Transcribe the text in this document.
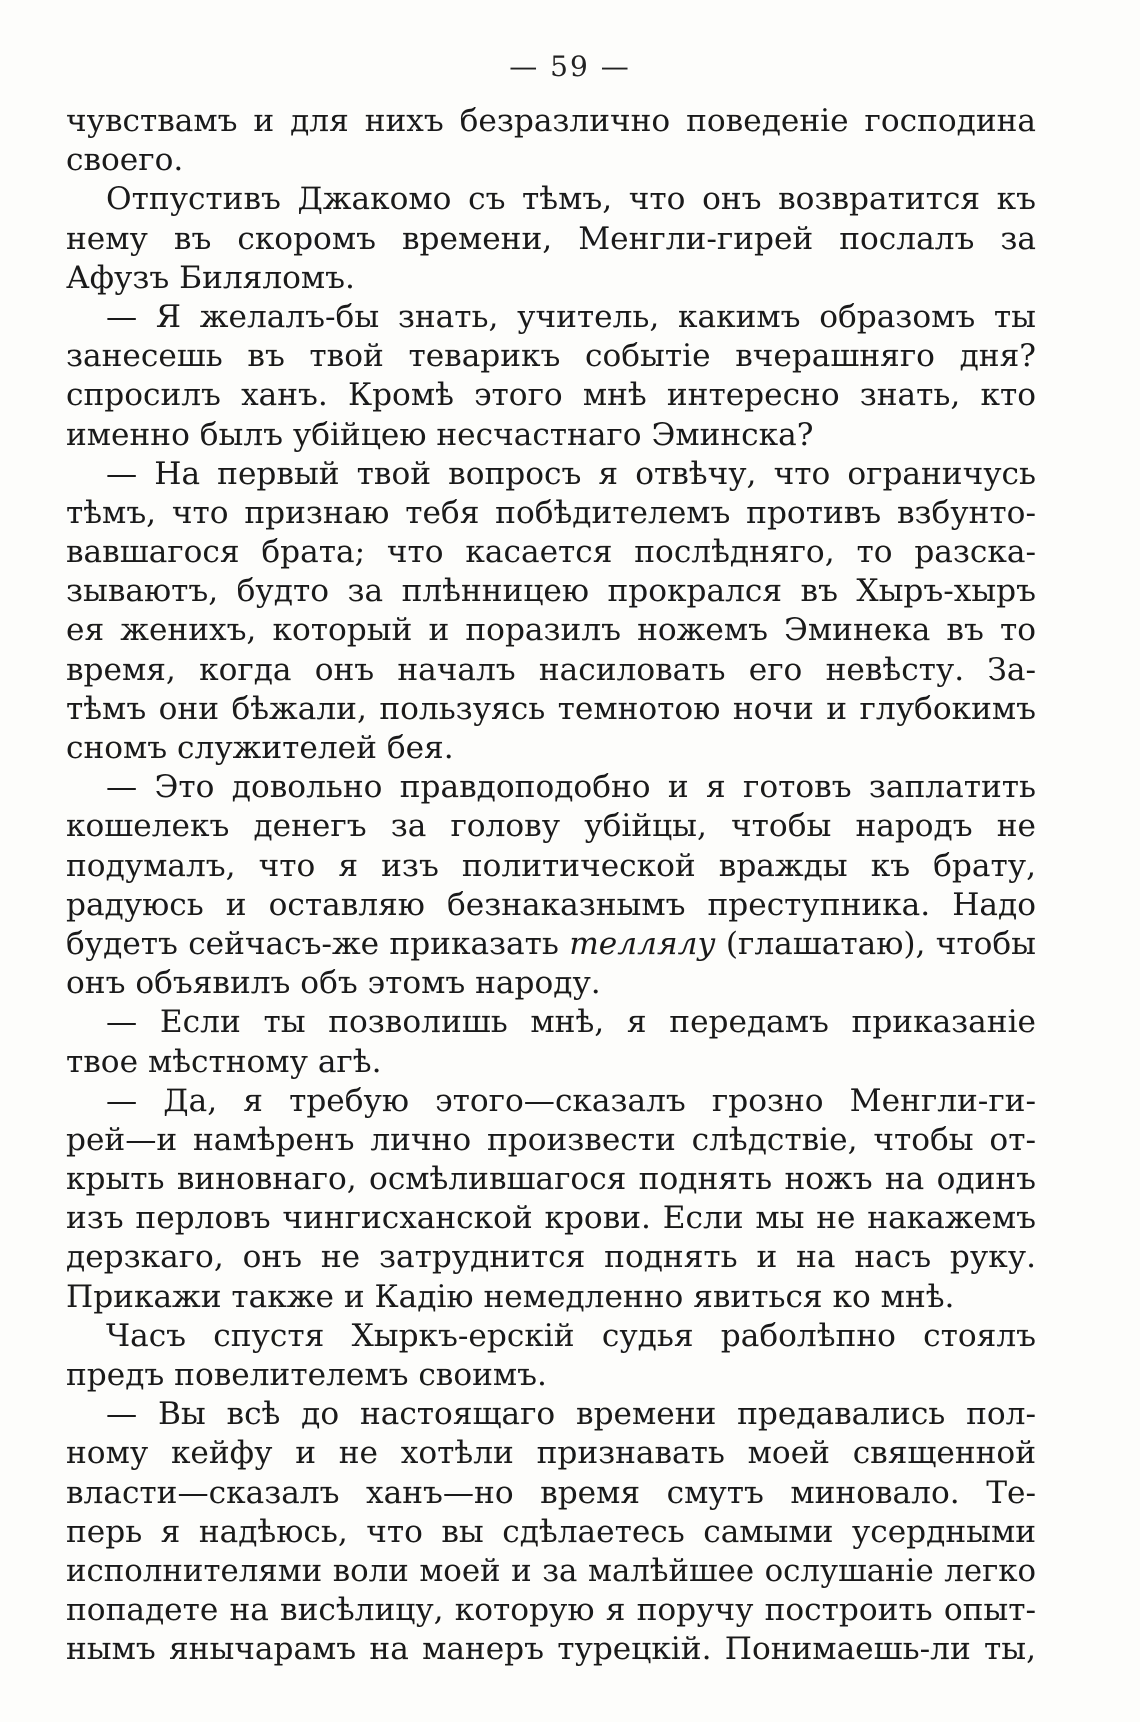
— 59 —
чувствамъ и для нихъ безразлично поведеніе господина
своего.
Отпустивъ Джакомо съ тѣмъ, что онъ возвратится къ
нему въ скоромъ времени, Менгли-гирей послалъ за
Афузъ Биляломъ.
— Я желалъ-бы знать, учитель, какимъ образомъ ты
занесешь въ твой теварикъ событіе вчерашняго дня?
спросилъ ханъ. Кромѣ этого мнѣ интересно знать, кто
именно былъ убійцею несчастнаго Эминска?
— На первый твой вопросъ я отвѣчу, что ограничусь
тѣмъ, что признаю тебя побѣдителемъ противъ взбунто-
вавшагося брата; что касается послѣдняго, то разска-
зываютъ, будто за плѣнницею прокрался въ Хыръ-хыръ
ея женихъ, который и поразилъ ножемъ Эминека въ то
время, когда онъ началъ насиловать его невѣсту. За-
тѣмъ они бѣжали, пользуясь темнотою ночи и глубокимъ
сномъ служителей бея.
— Это довольно правдоподобно и я готовъ заплатить
кошелекъ денегъ за голову убійцы, чтобы народъ не
подумалъ, что я изъ политической вражды къ брату,
радуюсь и оставляю безнаказнымъ преступника. Надо
будетъ сейчасъ-же приказать теллялу (глашатаю), чтобы
онъ объявилъ объ этомъ народу.
— Если ты позволишь мнѣ, я передамъ приказаніе
твое мѣстному агѣ.
— Да, я требую этого—сказалъ грозно Менгли-ги-
рей—и намѣренъ лично произвести слѣдствіе, чтобы от-
крыть виновнаго, осмѣлившагося поднять ножъ на одинъ
изъ перловъ чингисханской крови. Если мы не накажемъ
дерзкаго, онъ не затруднится поднять и на насъ руку.
Прикажи также и Кадію немедленно явиться ко мнѣ.
Часъ спустя Хыркъ-ерскій судья раболѣпно стоялъ
предъ повелителемъ своимъ.
— Вы всѣ до настоящаго времени предавались пол-
ному кейфу и не хотѣли признавать моей священной
власти—сказалъ ханъ—но время смутъ миновало. Те-
перь я надѣюсь, что вы сдѣлаетесь самыми усердными
исполнителями воли моей и за малѣйшее ослушаніе легко
попадете на висѣлицу, которую я поручу построить опыт-
нымъ янычарамъ на манеръ турецкій. Понимаешь-ли ты,
